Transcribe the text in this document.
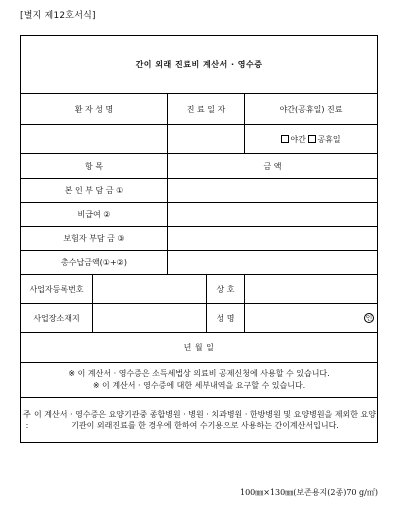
[별지 제12호서식]
간이 외래 진료비 계산서 · 영수증				
환 자 성 명		진 료 일 자		야간(공휴일) 진료
				야간 공휴일
항 목		금 액		
본 인 부 담 금 ①				
비급여 ②				
보험자 부담 금 ③				
총수납금액(①+②)				
사업자등록번호			상 호	
사업장소재지			성 명	인
년 월 일				

※ 이 계산서 · 영수증은 소득세법상 의료비 공제신청에 사용할 수 있습니다.
※ 이 계산서 · 영수증에 대한 세부내역을 요구할 수 있습니다.				

주 :
이 계산서 · 영수증은 요양기관중 종합병원 · 병원 · 치과병원 · 한방병원 및 요양병원을 제외한 요양기관이 외래진료를 한 경우에 한하여 수기용으로 사용하는 간이계산서입니다.				
100㎜×130㎜(보존용지(2종)70 g/㎡)
